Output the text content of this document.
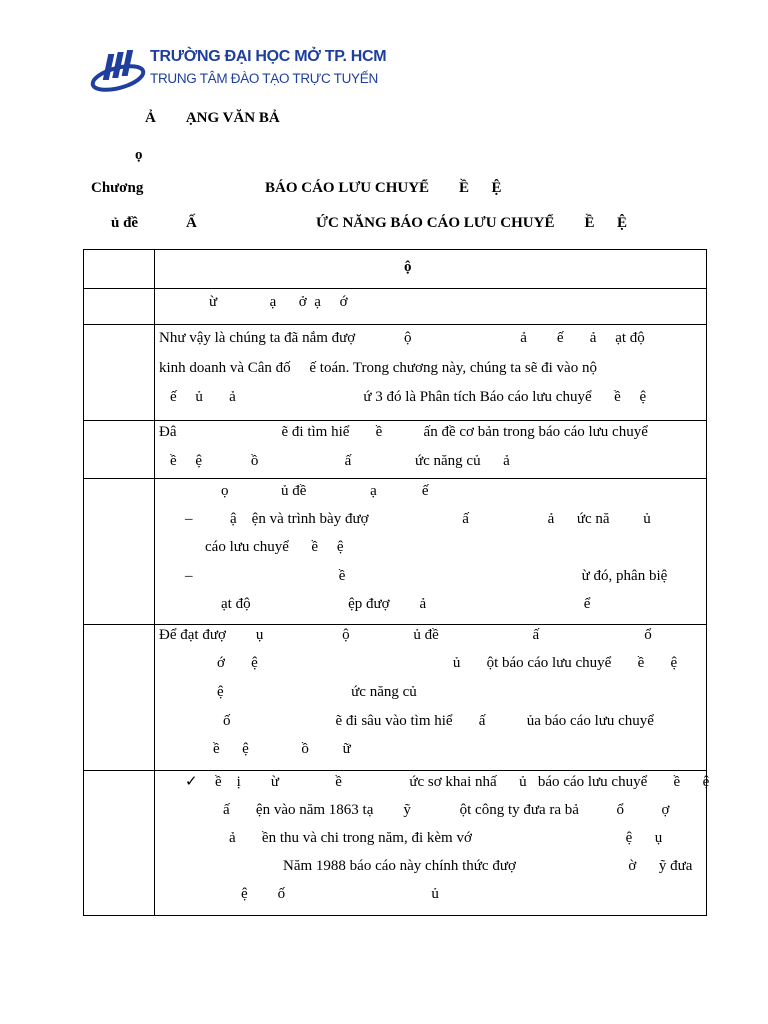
TRƯỜNG ĐẠI HỌC MỞ TP. HCM
TRUNG TÂM ĐÀO TẠO TRỰC TUYẾN
Ả        ẠNG VĂN BẢ
ọ
Chương	BÁO CÁO LƯU CHUYỂ        Ề      Ệ
ủ đề	Ấ	ỨC NĂNG BÁO CÁO LƯU CHUYỂ        Ề      Ệ
ộ
ừ              ạ      ở  ạ     ớ
Như vậy là chúng ta đã nắm đượ             ộ                             ả        ế       ả     ạt độ
kinh doanh và Cân đố     ế toán. Trong chương này, chúng ta sẽ đi vào nộ
ế     ủ       ả                                  ứ 3 đó là Phân tích Báo cáo lưu chuyể      ề     ệ
Đâ                            ẽ đi tìm hiể       ề           ấn đề cơ bản trong báo cáo lưu chuyể
ề     ệ             ồ                       ấ                 ức năng củ      ả
ọ              ủ đề                 ạ            ế
–          ậ    ện và trình bày đượ                         ấ                     ả      ức nă         ủ
cáo lưu chuyể      ề     ệ
–                                       ề                                                               ừ đó, phân biệ
ạt độ                          ệp đượ        ả                                          ể
Để đạt đượ        ụ                     ộ                 ủ đề                         ấ                            ổ
ớ       ệ                                                    ủ       ột báo cáo lưu chuyể       ề       ệ
ệ                                  ức năng củ
ố                            ẽ đi sâu vào tìm hiể       ấ           ủa báo cáo lưu chuyể
ề      ệ              ồ         ữ
✓ ề    ị        ừ               ề                  ức sơ khai nhấ      ủ   báo cáo lưu chuyể       ề      ệ
ấ       ện vào năm 1863 tạ        ỹ             ột công ty đưa ra bả          ổ          ợ
ả       ền thu và chi trong năm, đi kèm vớ                                         ệ      ụ
Năm 1988 báo cáo này chính thức đượ                              ờ      ỹ đưa
ệ        ố                                       ủ
